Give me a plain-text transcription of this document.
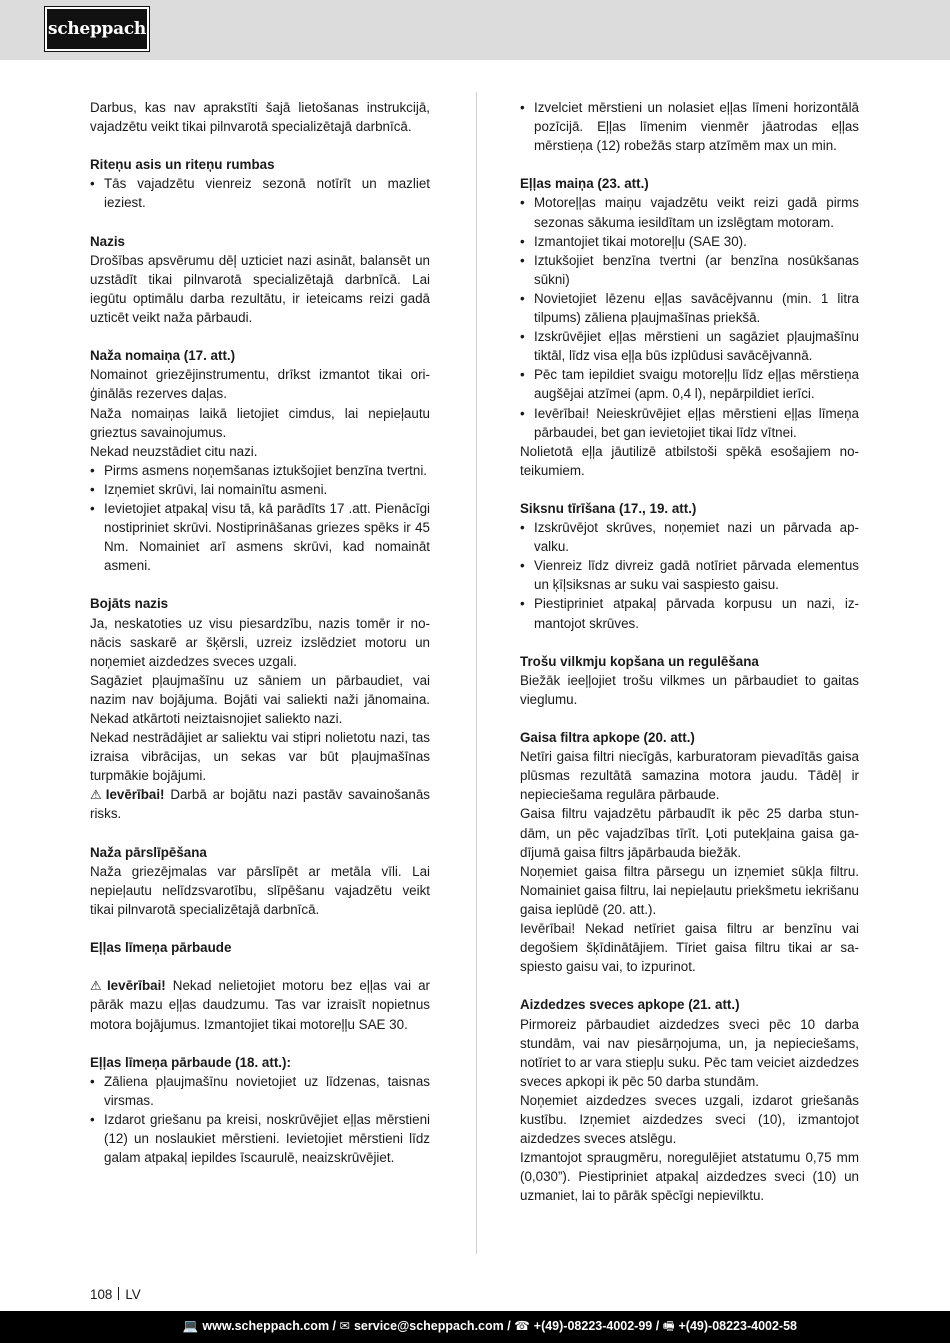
scheppach

Darbus, kas nav aprakstīti šajā lietošanas instrukcijā, vajadzētu veikt tikai pilnvarotā specializētajā darbnīcā.

Riteņu asis un riteņu rumbas

• Tās vajadzētu vienreiz sezonā notīrīt un mazliet ieziest.

Nazis

Drošības apsvērumu dēļ uzticiet nazi asināt, balansēt un uzstādīt tikai pilnvarotā specializētajā darbnīcā. Lai iegūtu optimālu darba rezultātu, ir ieteicams reizi gadā uzticēt veikt naža pārbaudi.

Naža nomaiņa (17. att.)

Nomainot griezējinstrumentu, drīkst izmantot tikai oriģinālās rezerves daļas.

Naža nomaiņas laikā lietojiet cimdus, lai nepieļautu grieztus savainojumus.

Nekad neuzstādiet citu nazi.

• Pirms asmens noņemšanas iztukšojiet benzīna tvertni.
• Izņemiet skrūvi, lai nomainītu asmeni.
• Ievietojiet atpakaļ visu tā, kā parādīts 17 .att. Pienācīgi nostipriniet skrūvi. Nostiprināšanas griezes spēks ir 45 Nm. Nomainiet arī asmens skrūvi, kad nomaināt asmeni.

Bojāts nazis

Ja, neskatoties uz visu piesardzību, nazis tomēr ir nonācis saskarē ar šķērsli, uzreiz izslēdziet motoru un noņemiet aizdedzes sveces uzgali.

Sagāziet pļaujmašīnu uz sāniem un pārbaudiet, vai nazim nav bojājuma. Bojāti vai saliekti naži jānomaina. Nekad atkārtoti neiztaisnojiet saliekto nazi.

Nekad nestrādājiet ar saliektu vai stipri nolietotu nazi, tas izraisa vibrācijas, un sekas var būt pļaujmašīnas turpmākie bojājumi.

⚠ Ievērībai! Darbā ar bojātu nazi pastāv savainošanās risks.

Naža pārslīpēšana

Naža griezējmalas var pārslīpēt ar metāla vīli. Lai nepieļautu nelīdzsvarotību, slīpēšanu vajadzētu veikt tikai pilnvarotā specializētajā darbnīcā.

Eļļas līmeņa pārbaude

⚠ Ievērībai! Nekad nelietojiet motoru bez eļļas vai ar pārāk mazu eļļas daudzumu. Tas var izraisīt nopietnus motora bojājumus. Izmantojiet tikai motoreļļu SAE 30.

Eļļas līmeņa pārbaude (18. att.):

• Zāliena pļaujmašīnu novietojiet uz līdzenas, taisnas virsmas.
• Izdarot griešanu pa kreisi, noskrūvējiet eļļas mērstieni (12) un noslaukiet mērstieni. Ievietojiet mērstieni līdz galam atpakaļ iepildes īscaurulē, neaizskrūvējiet.
• Izvelciet mērstieni un nolasiet eļļas līmeni horizontālā pozīcijā. Eļļas līmenim vienmēr jāatrodas eļļas mērstieņa (12) robežās starp atzīmēm max un min.

Eļļas maiņa (23. att.)

• Motoreļļas maiņu vajadzētu veikt reizi gadā pirms sezonas sākuma iesildītam un izslēgtam motoram.
• Izmantojiet tikai motoreļļu (SAE 30).
• Iztukšojiet benzīna tvertni (ar benzīna nosūkšanas sūkni)
• Novietojiet lēzenu eļļas savācējvannu (min. 1 litra tilpums) zāliena pļaujmašīnas priekšā.
• Izskrūvējiet eļļas mērstieni un sagāziet pļaujmašīnu tiktāl, līdz visa eļļa būs izplūdusi savācējvannā.
• Pēc tam iepildiet svaigu motoreļļu līdz eļļas mērstieņa augšējai atzīmei (apm. 0,4 l), nepārpildiet ierīci.
• Ievērībai! Neieskrūvējiet eļļas mērstieni eļļas līmeņa pārbaudei, bet gan ievietojiet tikai līdz vītnei.

Nolietotā eļļa jāutilizē atbilstoši spēkā esošajiem noteikumiem.

Siksnu tīrīšana (17., 19. att.)

• Izskrūvējot skrūves, noņemiet nazi un pārvada apvalku.
• Vienreiz līdz divreiz gadā notīriet pārvada elementus un ķīļsiksnas ar suku vai saspiesto gaisu.
• Piestipriniet atpakaļ pārvada korpusu un nazi, izmantojot skrūves.

Trošu vilkmju kopšana un regulēšana

Biežāk ieeļļojiet trošu vilkmes un pārbaudiet to gaitas vieglumu.

Gaisa filtra apkope (20. att.)

Netīri gaisa filtri niecīgās, karburatoram pievadītās gaisa plūsmas rezultātā samazina motora jaudu. Tādēļ ir nepieciešama regulāra pārbaude.

Gaisa filtru vajadzētu pārbaudīt ik pēc 25 darba stundām, un pēc vajadzības tīrīt. Ļoti putekļaina gaisa gadījumā gaisa filtrs jāpārbauda biežāk.

Noņemiet gaisa filtra pārsegu un izņemiet sūkļa filtru. Nomainiet gaisa filtru, lai nepieļautu priekšmetu iekrišanu gaisa ieplūdē (20. att.).

Ievērībai! Nekad netīriet gaisa filtru ar benzīnu vai degošiem šķīdinātājiem. Tīriet gaisa filtru tikai ar saspiesto gaisu vai, to izpurinot.

Aizdedzes sveces apkope (21. att.)

Pirmoreiz pārbaudiet aizdedzes sveci pēc 10 darba stundām, vai nav piesārņojuma, un, ja nepieciešams, notīriet to ar vara stiepļu suku. Pēc tam veiciet aizdedzes sveces apkopi ik pēc 50 darba stundām.

Noņemiet aizdedzes sveces uzgali, izdarot griešanās kustību. Izņemiet aizdedzes sveci (10), izmantojot aizdedzes sveces atslēgu.

Izmantojot spraugmēru, noregulējiet atstatumu 0,75 mm (0,030”). Piestipriniet atpakaļ aizdedzes sveci (10) un uzmaniet, lai to pārāk spēcīgi nepievilktu.

108 LV
💻 www.scheppach.com / ✉ service@scheppach.com / ☎ +(49)-08223-4002-99 / 🖷 +(49)-08223-4002-58
